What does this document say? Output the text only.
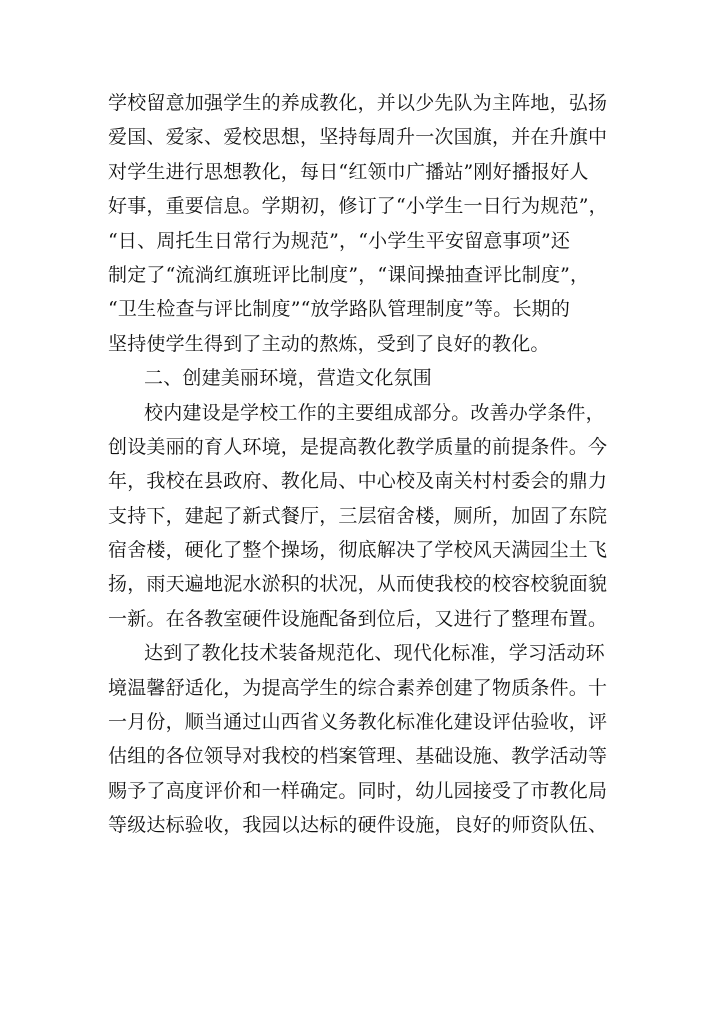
学校留意加强学生的养成教化，并以少先队为主阵地，弘扬
爱国、爱家、爱校思想，坚持每周升一次国旗，并在升旗中
对学生进行思想教化，每日“红领巾广播站”刚好播报好人
好事，重要信息。学期初，修订了“小学生一日行为规范”，
“日、周托生日常行为规范”，“小学生平安留意事项”还
制定了“流淌红旗班评比制度”，“课间操抽查评比制度”，
“卫生检查与评比制度”“放学路队管理制度”等。长期的
坚持使学生得到了主动的熬炼，受到了良好的教化。
二、创建美丽环境，营造文化氛围
校内建设是学校工作的主要组成部分。改善办学条件，
创设美丽的育人环境，是提高教化教学质量的前提条件。今
年，我校在县政府、教化局、中心校及南关村村委会的鼎力
支持下，建起了新式餐厅，三层宿舍楼，厕所，加固了东院
宿舍楼，硬化了整个操场，彻底解决了学校风天满园尘土飞
扬，雨天遍地泥水淤积的状况，从而使我校的校容校貌面貌
一新。在各教室硬件设施配备到位后，又进行了整理布置。
达到了教化技术装备规范化、现代化标准，学习活动环
境温馨舒适化，为提高学生的综合素养创建了物质条件。十
一月份，顺当通过山西省义务教化标准化建设评估验收，评
估组的各位领导对我校的档案管理、基础设施、教学活动等
赐予了高度评价和一样确定。同时，幼儿园接受了市教化局
等级达标验收，我园以达标的硬件设施，良好的师资队伍、
